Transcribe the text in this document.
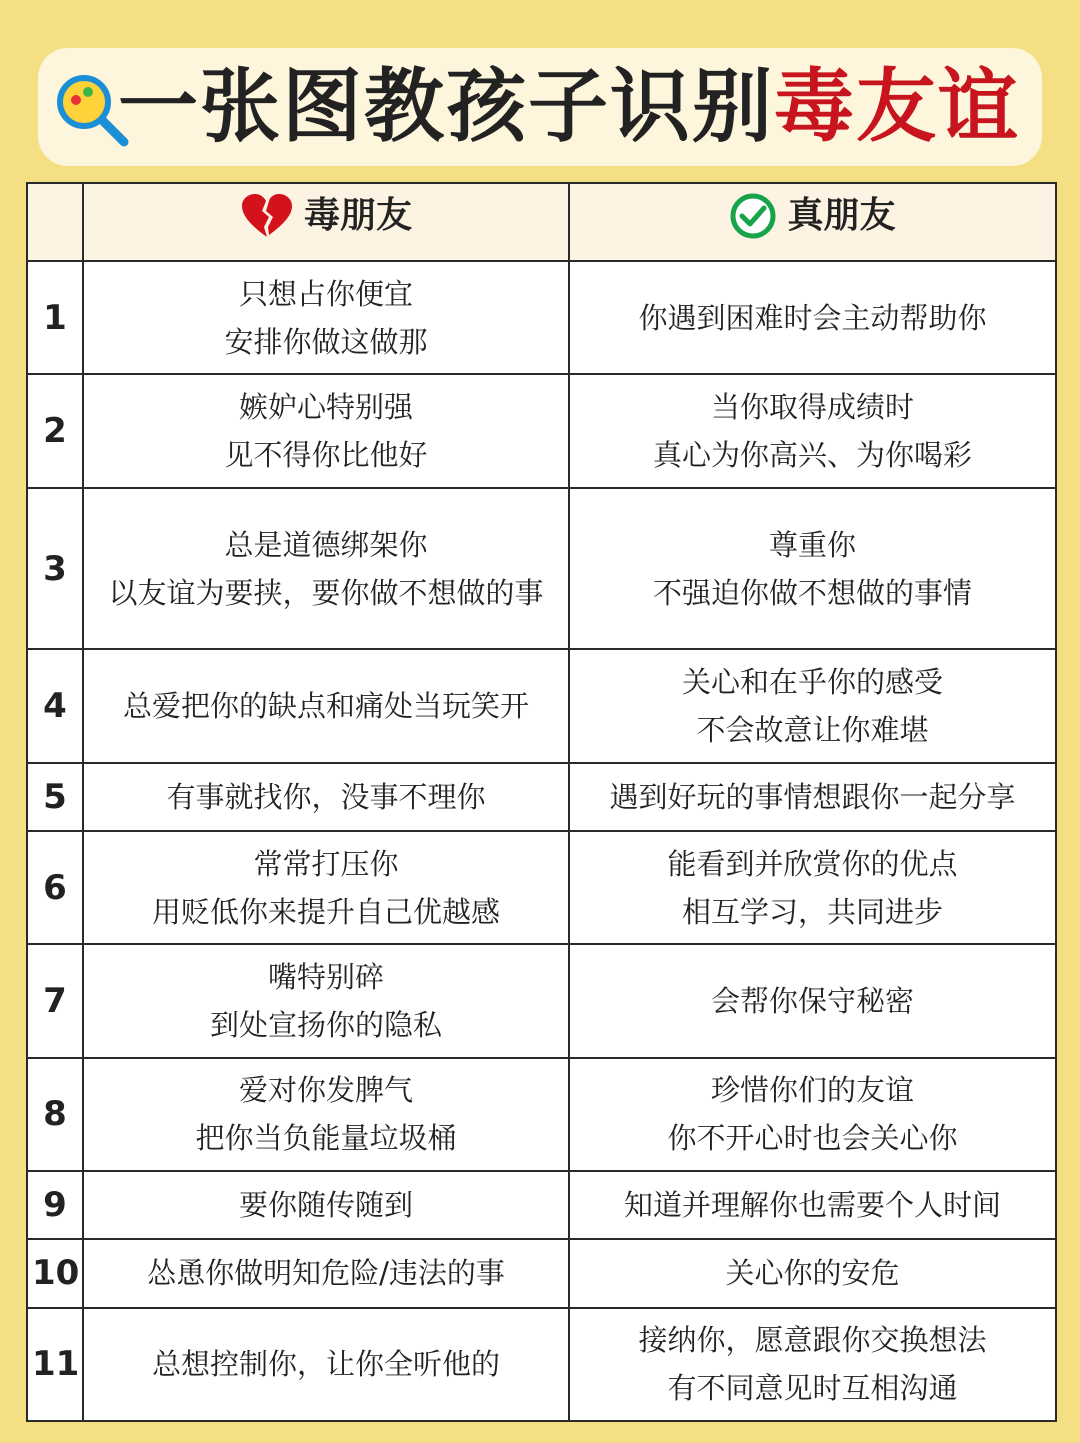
一张图教孩子识别毒友谊

	毒朋友	真朋友

1	只想占你便宜
安排你做这做那	你遇到困难时会主动帮助你

2	嫉妒心特别强
见不得你比他好	当你取得成绩时
真心为你高兴、为你喝彩

3	总是道德绑架你
以友谊为要挟，要你做不想做的事	尊重你
不强迫你做不想做的事情

4	总爱把你的缺点和痛处当玩笑开	关心和在乎你的感受
不会故意让你难堪

5	有事就找你，没事不理你	遇到好玩的事情想跟你一起分享

6	常常打压你
用贬低你来提升自己优越感	能看到并欣赏你的优点
相互学习，共同进步

7	嘴特别碎
到处宣扬你的隐私	会帮你保守秘密

8	爱对你发脾气
把你当负能量垃圾桶	珍惜你们的友谊
你不开心时也会关心你

9	要你随传随到	知道并理解你也需要个人时间

10	怂恿你做明知危险/违法的事	关心你的安危

11	总想控制你，让你全听他的	接纳你，愿意跟你交换想法
有不同意见时互相沟通
